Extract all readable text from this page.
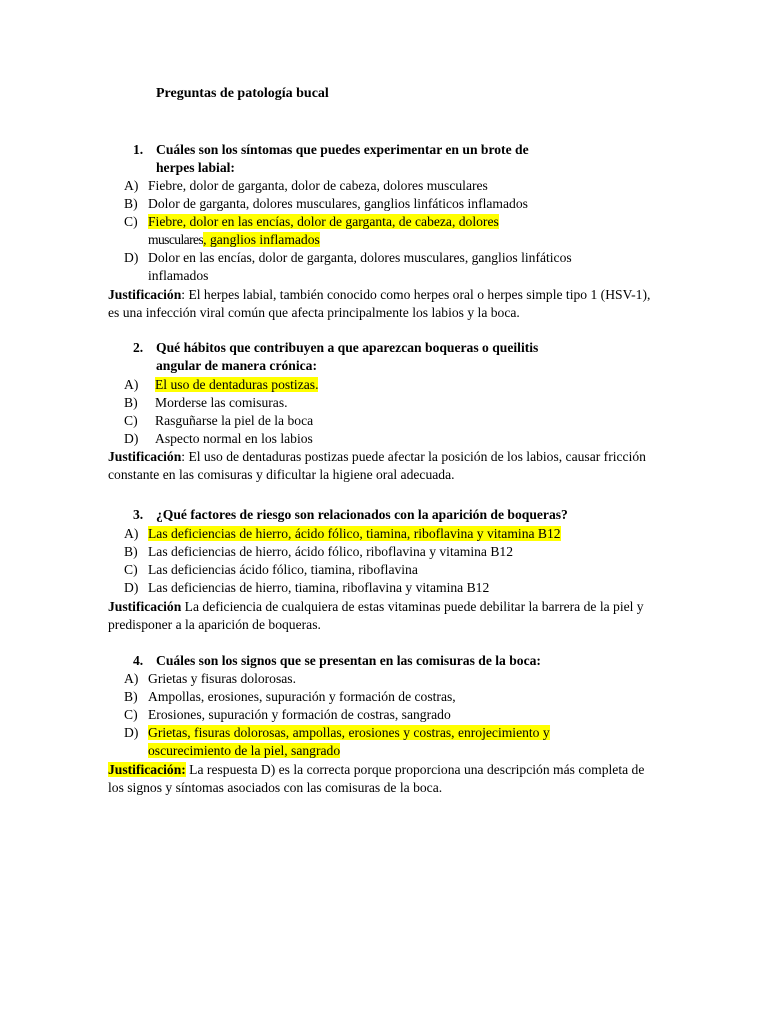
Preguntas de patología bucal
1. Cuáles son los síntomas que puedes experimentar en un brote de
herpes labial:
A) Fiebre, dolor de garganta, dolor de cabeza, dolores musculares
B) Dolor de garganta, dolores musculares, ganglios linfáticos inflamados
C) Fiebre, dolor en las encías, dolor de garganta, de cabeza, dolores
musculares, ganglios inflamados
D) Dolor en las encías, dolor de garganta, dolores musculares, ganglios linfáticos
inflamados
Justificación: El herpes labial, también conocido como herpes oral o herpes simple tipo 1 (HSV-1), es una infección viral común que afecta principalmente los labios y la boca.
2. Qué hábitos que contribuyen a que aparezcan boqueras o queilitis
angular de manera crónica:
A)	El uso de dentaduras postizas.
B)	Morderse las comisuras.
C)	Rasguñarse la piel de la boca
D)	Aspecto normal en los labios
Justificación: El uso de dentaduras postizas puede afectar la posición de los labios, causar fricción constante en las comisuras y dificultar la higiene oral adecuada.
3. ¿Qué factores de riesgo son relacionados con la aparición de boqueras?
A) Las deficiencias de hierro, ácido fólico, tiamina, riboflavina y vitamina B12
B) Las deficiencias de hierro, ácido fólico, riboflavina y vitamina B12
C) Las deficiencias ácido fólico, tiamina, riboflavina
D) Las deficiencias de hierro, tiamina, riboflavina y vitamina B12
Justificación La deficiencia de cualquiera de estas vitaminas puede debilitar la barrera de la piel y predisponer a la aparición de boqueras.
4. Cuáles son los signos que se presentan en las comisuras de la boca:
A) Grietas y fisuras dolorosas.
B) Ampollas, erosiones, supuración y formación de costras,
C) Erosiones, supuración y formación de costras, sangrado
D) Grietas, fisuras dolorosas, ampollas, erosiones y costras, enrojecimiento y
oscurecimiento de la piel, sangrado
Justificación: La respuesta D) es la correcta porque proporciona una descripción más completa de los signos y síntomas asociados con las comisuras de la boca.
